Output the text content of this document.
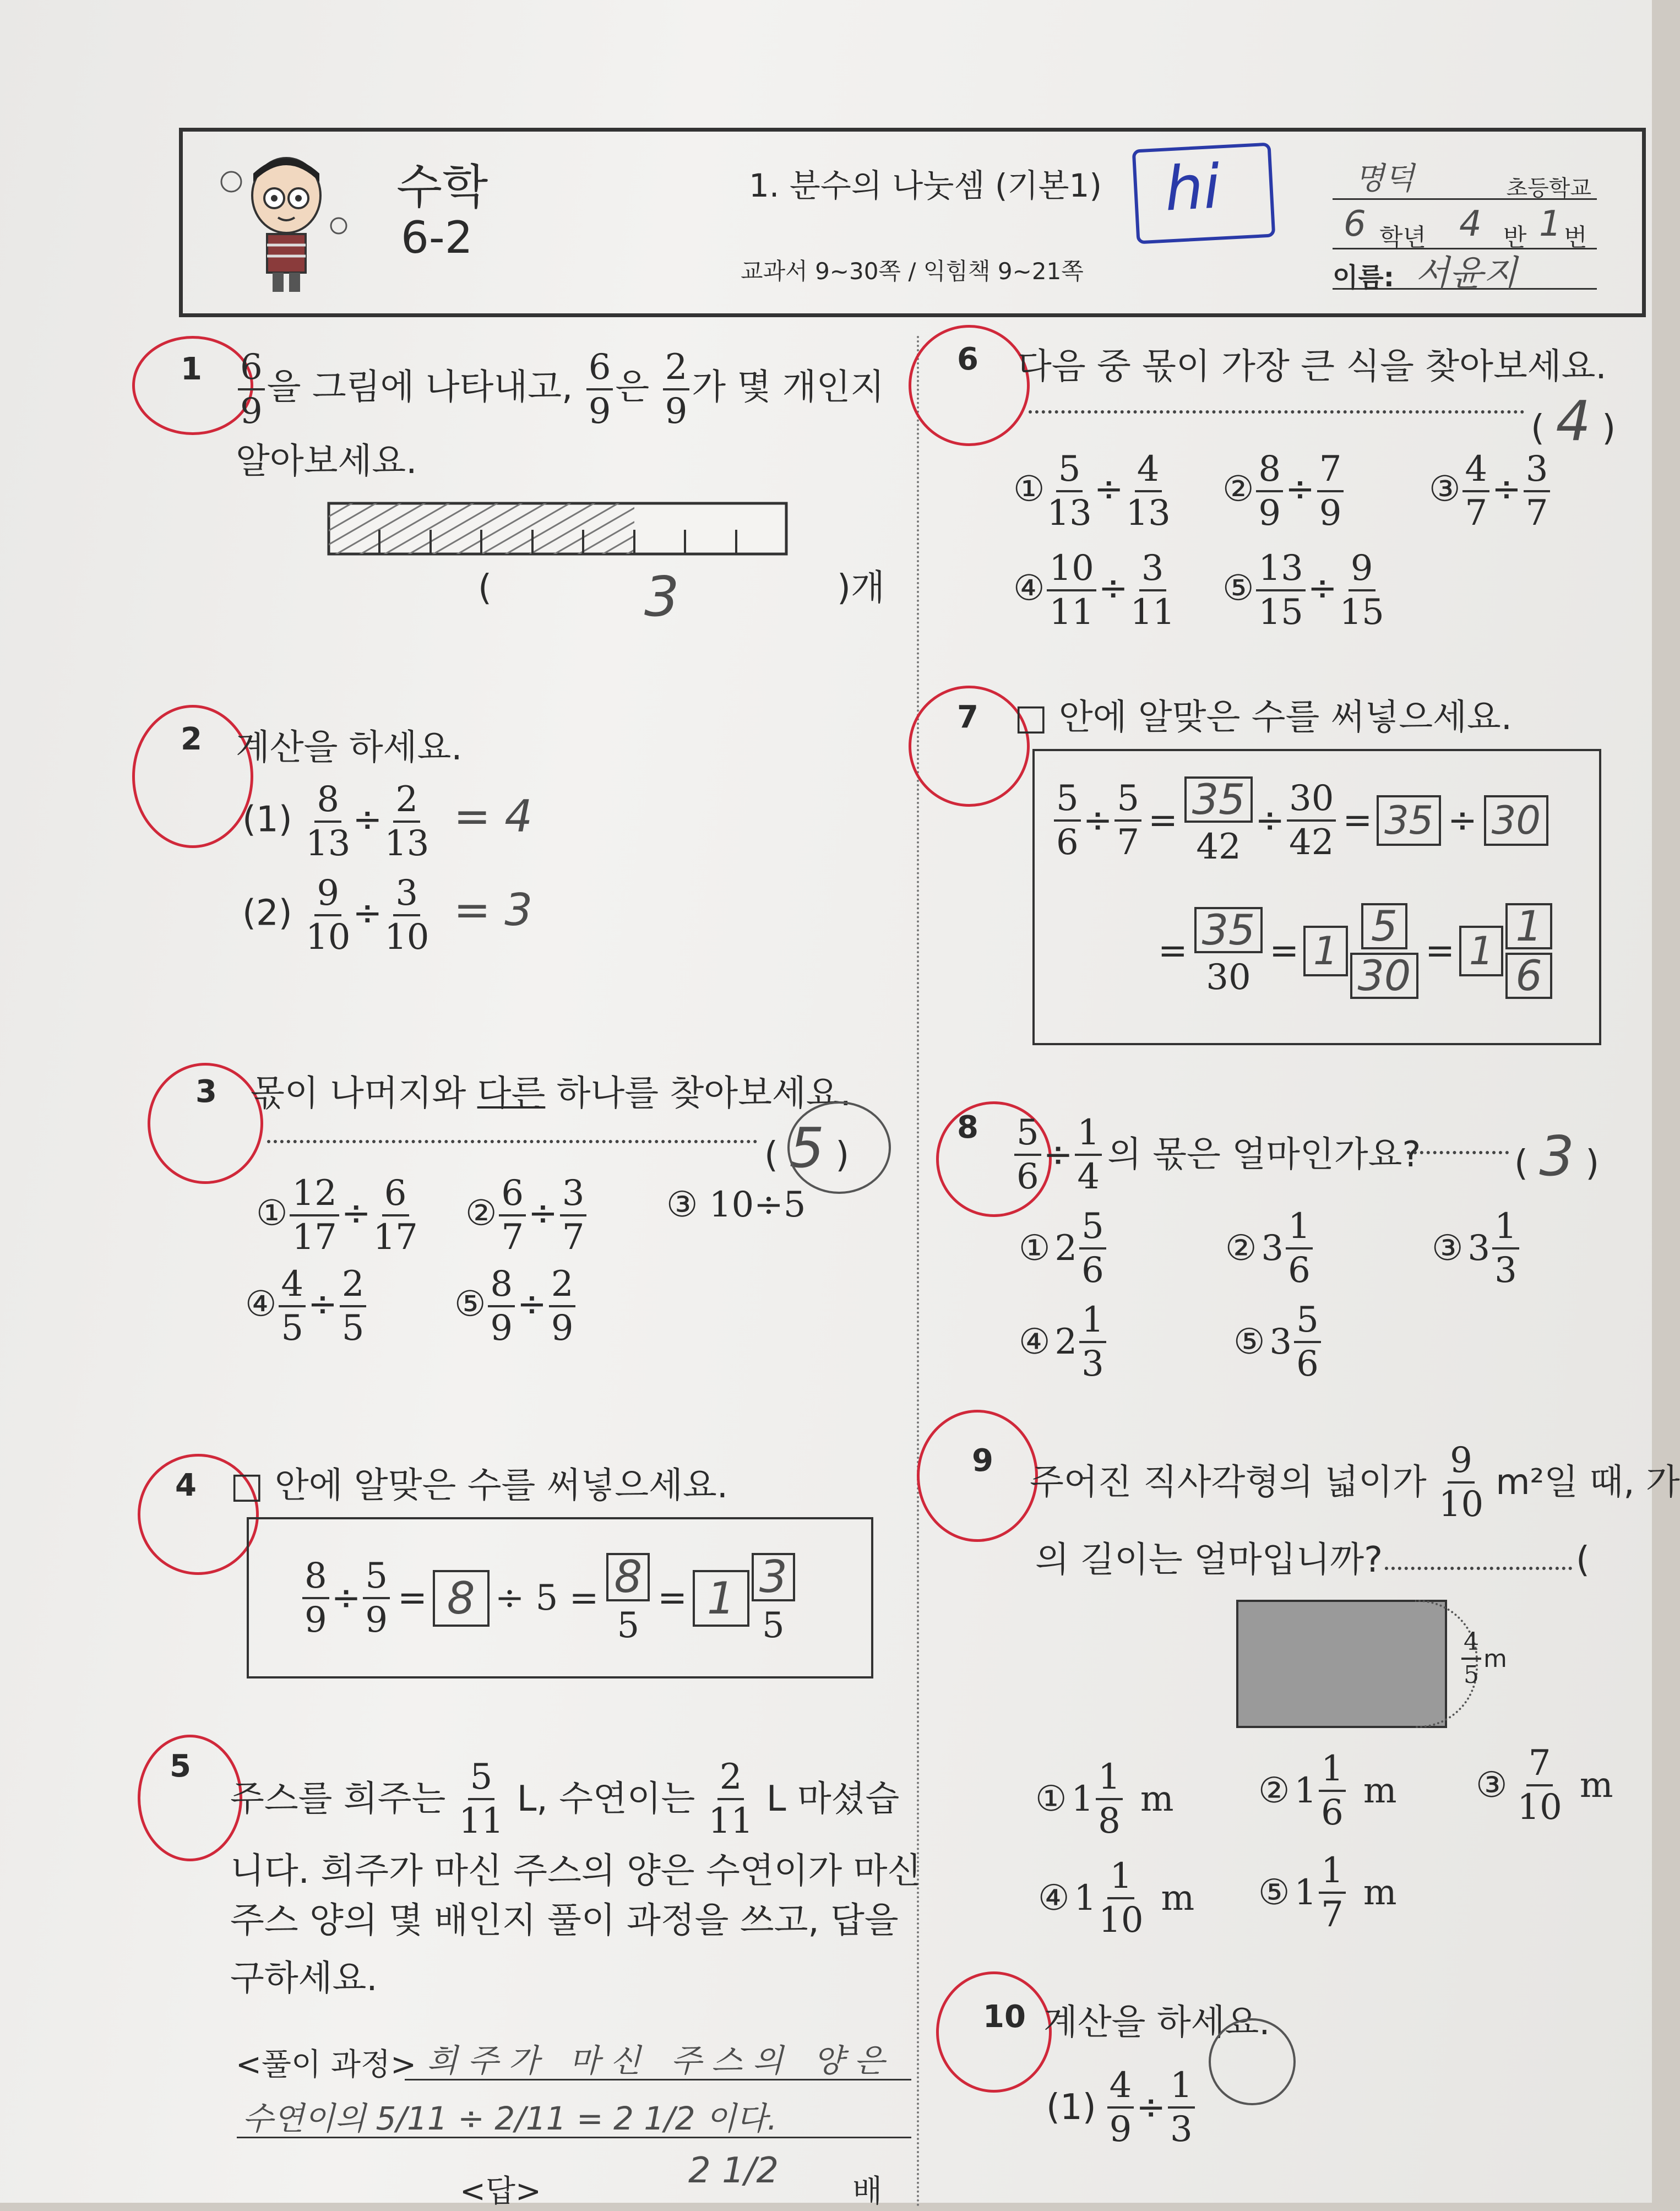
수학
6-2
1. 분수의 나눗셈 (기본1)
교과서 9~30쪽 / 익힘책 9~21쪽
hi	명덕	초등학교
6 학년 4 반 1 번
이름: 서윤지
$1 \frac{6}{9}$ 을 그림에 나타내고, $\frac{6}{9}$ 은 $\frac{2}{9}$ 가 몇 개인지
알아보세요.
(	3	)개
2 계산을 하세요.
$(1) \frac{8}{13} \div \frac{2}{13} = 4$
$(2) \frac{9}{10} \div \frac{3}{10} = 3$
3 몫이 나머지와 다른 하나를 찾아보세요.
( 5 )
① $\frac{12}{17} \div \frac{6}{17}$ ② $\frac{6}{7} \div \frac{3}{7}$ ③ 10÷5
④ $\frac{4}{5} \div \frac{2}{5}$ ⑤ $\frac{8}{9} \div \frac{2}{9}$
4 □ 안에 알맞은 수를 써넣으세요.
$\frac{8}{9} \div \frac{5}{9} = 8 \div 5 = \frac{8}{5} = 1 \frac{3}{5}$
5
주스를 희주는 $\frac{5}{11} L$, 수연이는 $\frac{2}{11}$ L 마셨습
니다. 희주가 마신 주스의 양은 수연이가 마신
주스 양의 몇 배인지 풀이 과정을 쓰고, 답을
구하세요.
<풀이 과정> 희주가 마신 주스의 양은
수연이의 5/11 ÷ 2/11 = 2 1/2 이다.
<답>
2 1/2
배
6 다음 중 몫이 가장 큰 식을 찾아보세요.
( 4 )
① $\frac{5}{13} \div \frac{4}{13}$ ② $\frac{8}{9} \div \frac{7}{9}$ ③ $\frac{4}{7} \div \frac{3}{7}$
④ $\frac{10}{11} \div \frac{3}{11}$ ⑤ $\frac{13}{15} \div \frac{9}{15}$
7 □ 안에 알맞은 수를 써넣으세요.
$\frac{5}{6} \div \frac{5}{7} = \frac{35}{42} \div \frac{30}{42} = 35 \div 30$
= $\frac{35}{30} = 1 \frac{5}{30} = 1 \frac{1}{6}$
$8 \frac{5}{6} \div \frac{1}{4}$ 의 몫은 얼마인가요?	( 3 )
① $2 \frac{5}{6}$	② $3 \frac{1}{6}$	③ $3 \frac{1}{3}$
④ $2 \frac{1}{3}$	⑤ $3 \frac{5}{6}$
9
주어진 직사각형의 넓이가 $\frac{9}{10} m^2$일 때, 가
의 길이는 얼마입니까?	(
$\frac{4}{5}$ m
① $1 \frac{1}{8}$ m ② $1 \frac{1}{6}$ m ③ $\frac{7}{10}$ m
④ $1 \frac{1}{10}$ m ⑤ $1 \frac{1}{7}$ m
10 계산을 하세요.
$(1) \frac{4}{9} \div \frac{1}{3}$
